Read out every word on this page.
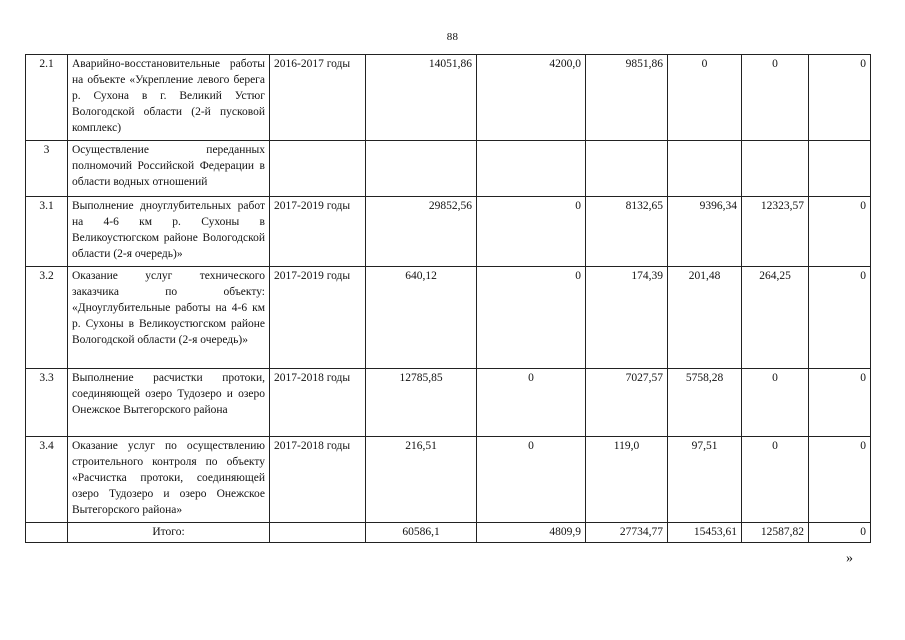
88
2.1	Аварийно-восстановительные работы на объекте «Укрепление левого берега р. Сухона в г. Великий Устюг Вологодской области (2-й пусковой комплекс)	2016-2017 годы	14051,86	4200,0	9851,86	0	0	0
3	Осуществление переданных полномочий Российской Федерации в области водных отношений							
3.1	Выполнение дноуглубительных работ на 4-6 км р. Сухоны в Великоустюгском районе Вологодской области (2-я очередь)»	2017-2019 годы	29852,56	0	8132,65	9396,34	12323,57	0
3.2	Оказание услуг технического заказчика по объекту: «Дноуглубительные работы на 4-6 км р. Сухоны в Великоустюгском районе Вологодской области (2-я очередь)»	2017-2019 годы	640,12	0	174,39	201,48	264,25	0
3.3	Выполнение расчистки протоки, соединяющей озеро Тудозеро и озеро Онежское Вытегорского района	2017-2018 годы	12785,85	0	7027,57	5758,28	0	0
3.4	Оказание услуг по осуществлению строительного контроля по объекту «Расчистка протоки, соединяющей озеро Тудозеро и озеро Онежское Вытегорского района»	2017-2018 годы	216,51	0	119,0	97,51	0	0
	Итого:		60586,1	4809,9	27734,77	15453,61	12587,82	0
»
